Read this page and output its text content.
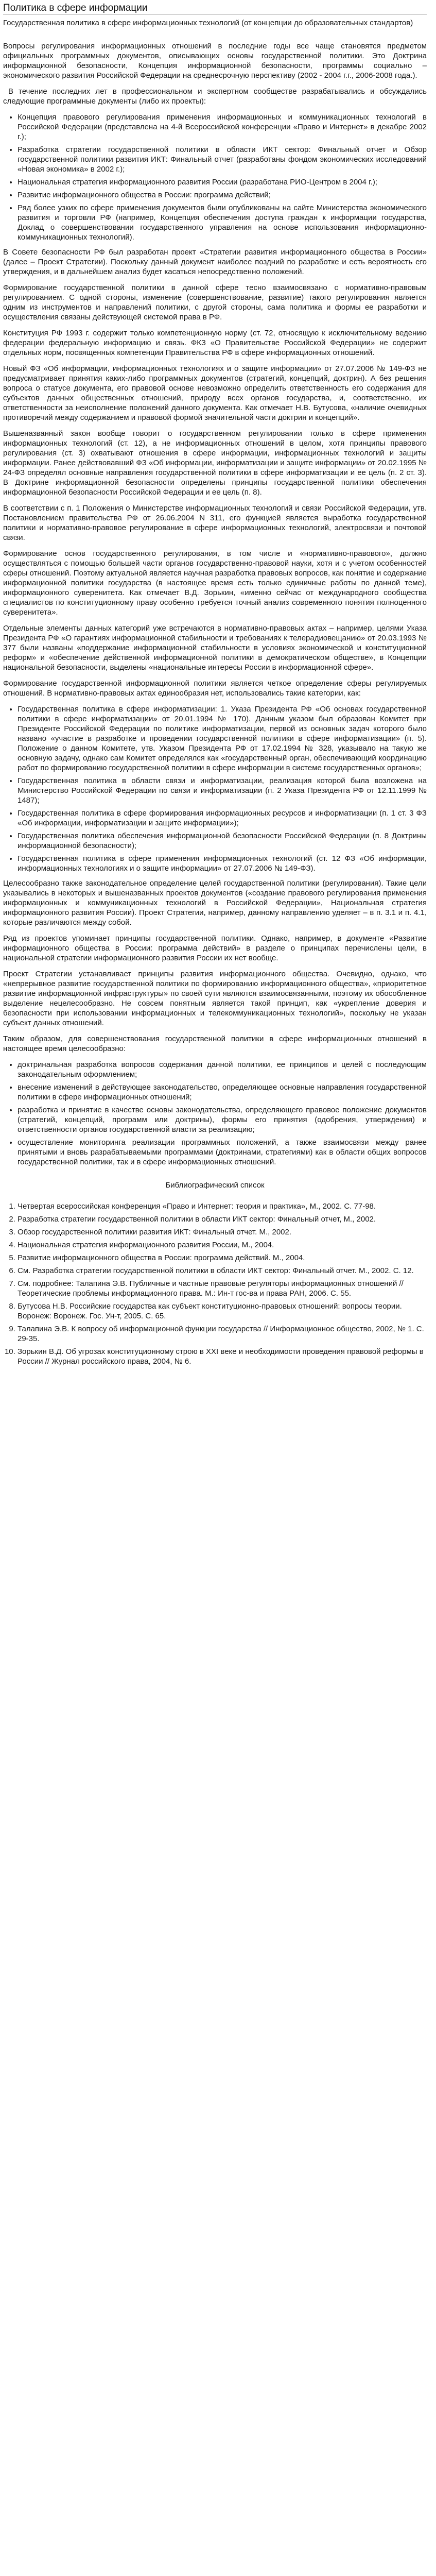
Политика в сфере информации

Государственная политика в сфере информационных технологий (от концепции до образовательных стандартов)

Вопросы регулирования информационных отношений в последние годы все чаще становятся предметом официальных программных документов, описывающих основы государственной политики. Это Доктрина информационной безопасности, Концепция информационной безопасности, программы социально – экономического развития Российской Федерации на среднесрочную перспективу (2002 - 2004 г.г., 2006-2008 года.).

В течение последних лет в профессиональном и экспертном сообществе разрабатывались и обсуждались следующие программные документы (либо их проекты):

• Концепция правового регулирования применения информационных и коммуникационных технологий в Российской Федерации (представлена на 4-й Всероссийской конференции «Право и Интернет» в декабре 2002 г.);
• Разработка стратегии государственной политики в области ИКТ сектор: Финальный отчет и Обзор государственной политики развития ИКТ: Финальный отчет (разработаны фондом экономических исследований «Новая экономика» в 2002 г.);
• Национальная стратегия информационного развития России (разработана РИО-Центром в 2004 г.);
• Развитие информационного общества в России: программа действий;
• Ряд более узких по сфере применения документов были опубликованы на сайте Министерства экономического развития и торговли РФ (например, Концепция обеспечения доступа граждан к информации государства, Доклад о совершенствовании государственного управления на основе использования информационно-коммуникационных технологий).

В Совете безопасности РФ был разработан проект «Стратегии развития информационного общества в России» (далее – Проект Стратегии). Поскольку данный документ наиболее поздний по разработке и есть вероятность его утверждения, и в дальнейшем анализ будет касаться непосредственно положений.

Формирование государственной политики в данной сфере тесно взаимосвязано с нормативно-правовым регулированием. С одной стороны, изменение (совершенствование, развитие) такого регулирования является одним из инструментов и направлений политики, с другой стороны, сама политика и формы ее разработки и осуществления связаны действующей системой права в РФ.

Конституция РФ 1993 г. содержит только компетенционную норму (ст. 72, относящую к исключительному ведению федерации федеральную информацию и связь. ФКЗ «О Правительстве Российской Федерации» не содержит отдельных норм, посвященных компетенции Правительства РФ в сфере информационных отношений.

Новый ФЗ «Об информации, информационных технологиях и о защите информации» от 27.07.2006 № 149-ФЗ не предусматривает принятия каких-либо программных документов (стратегий, концепций, доктрин). А без решения вопроса о статусе документа, его правовой основе невозможно определить ответственность его содержания для субъектов данных общественных отношений, природу всех органов государства, и, соответственно, их ответственности за неисполнение положений данного документа. Как отмечает Н.В. Бутусова, «наличие очевидных противоречий между содержанием и правовой формой значительной части доктрин и концепций».

Вышеназванный закон вообще говорит о государственном регулировании только в сфере применения информационных технологий (ст. 12), а не информационных отношений в целом, хотя принципы правового регулирования (ст. 3) охватывают отношения в сфере информации, информационных технологий и защиты информации. Ранее действовавший ФЗ «Об информации, информатизации и защите информации» от 20.02.1995 № 24-ФЗ определял основные направления государственной политики в сфере информатизации и ее цель (п. 2 ст. 3). В Доктрине информационной безопасности определены принципы государственной политики обеспечения информационной безопасности Российской Федерации и ее цель (п. 8).

В соответствии с п. 1 Положения о Министерстве информационных технологий и связи Российской Федерации, утв. Постановлением правительства РФ от 26.06.2004 N 311, его функцией является выработка государственной политики и нормативно-правовое регулирование в сфере информационных технологий, электросвязи и почтовой связи.

Формирование основ государственного регулирования, в том числе и «нормативно-правового», должно осуществляться с помощью большей части органов государственно-правовой науки, хотя и с учетом особенностей сферы отношений. Поэтому актуальной является научная разработка правовых вопросов, как понятие и содержание информационной политики государства (в настоящее время есть только единичные работы по данной теме), информационного суверенитета. Как отмечает В.Д. Зорькин, «именно сейчас от международного сообщества специалистов по конституционному праву особенно требуется точный анализ современного понятия полноценного суверенитета».

Отдельные элементы данных категорий уже встречаются в нормативно-правовых актах – например, целями Указа Президента РФ «О гарантиях информационной стабильности и требованиях к телерадиовещанию» от 20.03.1993 № 377 были названы «поддержание информационной стабильности в условиях экономической и конституционной реформ» и «обеспечение действенной информационной политики в демократическом обществе», в Концепции национальной безопасности, выделены «национальные интересы России в информационной сфере».

Формирование государственной информационной политики является четкое определение сферы регулируемых отношений. В нормативно-правовых актах единообразия нет, использовались такие категории, как:

• Государственная политика в сфере информатизации: 1. Указа Президента РФ «Об основах государственной политики в сфере информатизации» от 20.01.1994 № 170). Данным указом был образован Комитет при Президенте Российской Федерации по политике информатизации, первой из основных задач которого было названо «участие в разработке и проведении государственной политики в сфере информатизации» (п. 5). Положение о данном Комитете, утв. Указом Президента РФ от 17.02.1994 № 328, указывало на такую же основную задачу, однако сам Комитет определялся как «государственный орган, обеспечивающий координацию работ по формированию государственной политики в сфере информации в системе государственных органов»;
• Государственная политика в области связи и информатизации, реализация которой была возложена на Министерство Российской Федерации по связи и информатизации (п. 2 Указа Президента РФ от 12.11.1999 № 1487);
• Государственная политика в сфере формирования информационных ресурсов и информатизации (п. 1 ст. 3 ФЗ «Об информации, информатизации и защите информации»);
• Государственная политика обеспечения информационной безопасности Российской Федерации (п. 8 Доктрины информационной безопасности);
• Государственная политика в сфере применения информационных технологий (ст. 12 ФЗ «Об информации, информационных технологиях и о защите информации» от 27.07.2006 № 149-ФЗ).

Целесообразно также законодательное определение целей государственной политики (регулирования). Такие цели указывались в некоторых и вышеназванных проектов документов («создание правового регулирования применения информационных и коммуникационных технологий в Российской Федерации», Национальная стратегия информационного развития России). Проект Стратегии, например, данному направлению уделяет – в п. 3.1 и п. 4.1, которые различаются между собой.

Ряд из проектов упоминает принципы государственной политики. Однако, например, в документе «Развитие информационного общества в России: программа действий» в разделе о принципах перечислены цели, в национальной стратегии информационного развития России их нет вообще.

Проект Стратегии устанавливает принципы развития информационного общества. Очевидно, однако, что «непрерывное развитие государственной политики по формированию информационного общества», «приоритетное развитие информационной инфраструктуры» по своей сути являются взаимосвязанными, поэтому их обособленное выделение нецелесообразно. Не совсем понятным является такой принцип, как «укрепление доверия и безопасности при использовании информационных и телекоммуникационных технологий», поскольку не указан субъект данных отношений.

Таким образом, для совершенствования государственной политики в сфере информационных отношений в настоящее время целесообразно:

• доктринальная разработка вопросов содержания данной политики, ее принципов и целей с последующим законодательным оформлением;
• внесение изменений в действующее законодательство, определяющее основные направления государственной политики в сфере информационных отношений;
• разработка и принятие в качестве основы законодательства, определяющего правовое положение документов (стратегий, концепций, программ или доктрины), формы его принятия (одобрения, утверждения) и ответственности органов государственной власти за реализацию;
• осуществление мониторинга реализации программных положений, а также взаимосвязи между ранее принятыми и вновь разрабатываемыми программами (доктринами, стратегиями) как в области общих вопросов государственной политики, так и в сфере информационных отношений.
Библиографический список
1. Четвертая всероссийская конференция «Право и Интернет: теория и практика», М., 2002. С. 77-98.
2. Разработка стратегии государственной политики в области ИКТ сектор: Финальный отчет, М., 2002.
3. Обзор государственной политики развития ИКТ: Финальный отчет. М., 2002.
4. Национальная стратегия информационного развития России, М., 2004.
5. Развитие информационного общества в России: программа действий. М., 2004.
6. См. Разработка стратегии государственной политики в области ИКТ сектор: Финальный отчет. М., 2002. С. 12.
7. См. подробнее: Талапина Э.В. Публичные и частные правовые регуляторы информационных отношений // Теоретические проблемы информационного права. М.: Ин-т гос-ва и права РАН, 2006. С. 55.
8. Бутусова Н.В. Российские государства как субъект конституционно-правовых отношений: вопросы теории. Воронеж: Воронеж. Гос. Ун-т, 2005. С. 65.
9. Талапина Э.В. К вопросу об информационной функции государства // Информационное общество, 2002, № 1. С. 29-35.
10. Зорькин В.Д. Об угрозах конституционному строю в XXI веке и необходимости проведения правовой реформы в России // Журнал российского права, 2004, № 6.
